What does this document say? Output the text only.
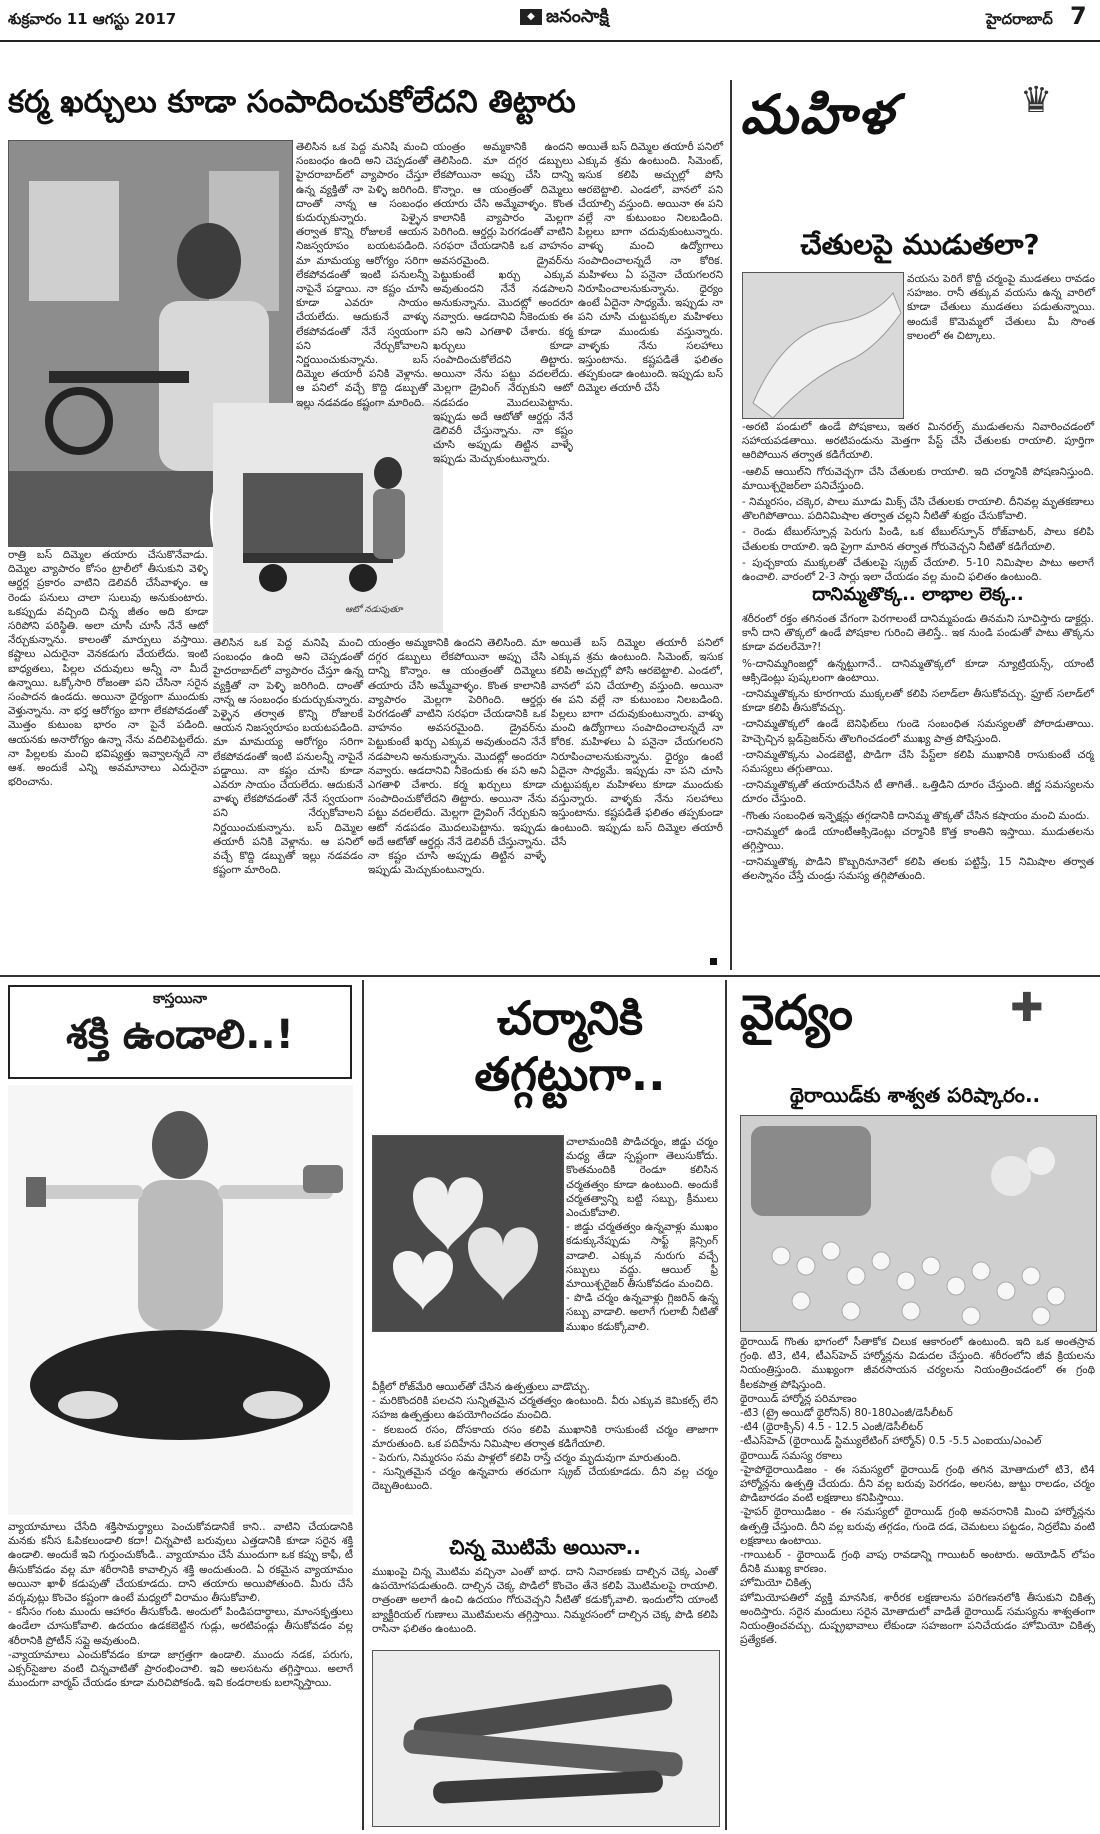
శుక్రవారం 11 ఆగస్టు 2017	◆ జనంసాక్షి	హైదరాబాద్ 7
కర్మ ఖర్చులు కూడా సంపాదించుకోలేదని తిట్టారు
ఆటో నడుపుతూ
తెలిసిన ఒక పెద్ద మనిషి మంచి సంబంధం ఉంది అని చెప్పడంతో హైదరాబాద్‌లో వ్యాపారం చేస్తూ ఉన్న వ్యక్తితో నా పెళ్ళి జరిగింది. దాంతో నాన్న ఆ సంబంధం కుదుర్చుకున్నారు. పెళ్ళైన తర్వాత కొన్ని రోజులకే ఆయన నిజస్వరూపం బయటపడింది. మా మామయ్య ఆరోగ్యం సరిగా లేకపోవడంతో ఇంటి పనులన్నీ నాపైనే పడ్డాయి. నా కష్టం చూసి కూడా ఎవరూ సాయం చేయలేదు. ఆదుకునే వాళ్ళు లేకపోవడంతో నేనే స్వయంగా పని నేర్చుకోవాలని నిర్ణయించుకున్నాను. బస్ దిమ్మెల తయారీ పనికి వెళ్లాను. ఆ పనిలో వచ్చే కొద్ది డబ్బుతో ఇల్లు నడవడం కష్టంగా మారింది.
యంత్రం అమ్మకానికి ఉందని తెలిసింది. మా దగ్గర డబ్బులు లేకపోయినా అప్పు చేసి దాన్ని కొన్నాం. ఆ యంత్రంతో దిమ్మెలు తయారు చేసి అమ్మేవాళ్ళం. కొంత కాలానికి వ్యాపారం మెల్లగా పెరిగింది. ఆర్డర్లు పెరగడంతో వాటిని సరఫరా చేయడానికి ఒక వాహనం అవసరమైంది. డ్రైవర్‌ను పెట్టుకుంటే ఖర్చు ఎక్కువ అవుతుందని నేనే నడపాలని అనుకున్నాను. మొదట్లో అందరూ నవ్వారు. ఆడదానివి నీకెందుకు ఈ పని అని ఎగతాళి చేశారు. కర్మ ఖర్చులు కూడా సంపాదించుకోలేదని తిట్టారు. అయినా నేను పట్టు వదలలేదు. మెల్లగా డ్రైవింగ్ నేర్చుకుని ఆటో నడపడం మొదలుపెట్టాను. ఇప్పుడు అదే ఆటోతో ఆర్డర్లు నేనే డెలివరీ చేస్తున్నాను. నా కష్టం చూసి అప్పుడు తిట్టిన వాళ్ళే ఇప్పుడు మెచ్చుకుంటున్నారు.
అయితే బస్ దిమ్మెల తయారీ పనిలో ఎక్కువ శ్రమ ఉంటుంది. సిమెంట్, ఇసుక కలిపి అచ్చుల్లో పోసి ఆరబెట్టాలి. ఎండలో, వానలో పని చేయాల్సి వస్తుంది. అయినా ఈ పని వల్లే నా కుటుంబం నిలబడింది. పిల్లలు బాగా చదువుకుంటున్నారు. వాళ్ళు మంచి ఉద్యోగాలు సంపాదించాలన్నదే నా కోరిక. మహిళలు ఏ పనైనా చేయగలరని నిరూపించాలనుకున్నాను. ధైర్యం ఉంటే ఏదైనా సాధ్యమే. ఇప్పుడు నా పని చూసి చుట్టుపక్కల మహిళలు కూడా ముందుకు వస్తున్నారు. వాళ్ళకు నేను సలహాలు ఇస్తుంటాను. కష్టపడితే ఫలితం తప్పకుండా ఉంటుంది. ఇప్పుడు బస్ దిమ్మెల తయారీ చేసే
రాత్రి బస్ దిమ్మెల తయారు చేసుకొనేవాడు. దిమ్మెల వ్యాపారం కోసం ట్రాలీలో తీసుకుని వెళ్ళి ఆర్డర్ల ప్రకారం వాటిని డెలివరీ చేసేవాళ్ళం. ఆ రెండు పనులు చాలా సులువు అనుకుంటారు. ఒకప్పుడు వచ్చింది చిన్న జీతం అది కూడా సరిపోని పరిస్థితి. అలా చూసీ చూసీ నేనే ఆటో నేర్చుకున్నాను. కాలంతో మార్పులు వస్తాయి. కష్టాలు ఎదురైనా వెనకడుగు వేయలేదు. ఇంటి బాధ్యతలు, పిల్లల చదువులు అన్నీ నా మీదే ఉన్నాయి. ఒక్కోసారి రోజంతా పని చేసినా సరైన సంపాదన ఉండదు. అయినా ధైర్యంగా ముందుకు వెళ్తున్నాను. నా భర్త ఆరోగ్యం బాగా లేకపోవడంతో మొత్తం కుటుంబ భారం నా పైనే పడింది. ఆయనకు అనారోగ్యం ఉన్నా నేను వదిలిపెట్టలేదు. నా పిల్లలకు మంచి భవిష్యత్తు ఇవ్వాలన్నదే నా ఆశ. అందుకే ఎన్ని అవమానాలు ఎదురైనా భరించాను.
తెలిసిన ఒక పెద్ద మనిషి మంచి సంబంధం ఉంది అని చెప్పడంతో హైదరాబాద్‌లో వ్యాపారం చేస్తూ ఉన్న వ్యక్తితో నా పెళ్ళి జరిగింది. దాంతో నాన్న ఆ సంబంధం కుదుర్చుకున్నారు. పెళ్ళైన తర్వాత కొన్ని రోజులకే ఆయన నిజస్వరూపం బయటపడింది. మా మామయ్య ఆరోగ్యం సరిగా లేకపోవడంతో ఇంటి పనులన్నీ నాపైనే పడ్డాయి. నా కష్టం చూసి కూడా ఎవరూ సాయం చేయలేదు. ఆదుకునే వాళ్ళు లేకపోవడంతో నేనే స్వయంగా పని నేర్చుకోవాలని నిర్ణయించుకున్నాను. బస్ దిమ్మెల తయారీ పనికి వెళ్లాను. ఆ పనిలో వచ్చే కొద్ది డబ్బుతో ఇల్లు నడవడం కష్టంగా మారింది.
యంత్రం అమ్మకానికి ఉందని తెలిసింది. మా దగ్గర డబ్బులు లేకపోయినా అప్పు చేసి దాన్ని కొన్నాం. ఆ యంత్రంతో దిమ్మెలు తయారు చేసి అమ్మేవాళ్ళం. కొంత కాలానికి వ్యాపారం మెల్లగా పెరిగింది. ఆర్డర్లు పెరగడంతో వాటిని సరఫరా చేయడానికి ఒక వాహనం అవసరమైంది. డ్రైవర్‌ను పెట్టుకుంటే ఖర్చు ఎక్కువ అవుతుందని నేనే నడపాలని అనుకున్నాను. మొదట్లో అందరూ నవ్వారు. ఆడదానివి నీకెందుకు ఈ పని అని ఎగతాళి చేశారు. కర్మ ఖర్చులు కూడా సంపాదించుకోలేదని తిట్టారు. అయినా నేను పట్టు వదలలేదు. మెల్లగా డ్రైవింగ్ నేర్చుకుని ఆటో నడపడం మొదలుపెట్టాను. ఇప్పుడు అదే ఆటోతో ఆర్డర్లు నేనే డెలివరీ చేస్తున్నాను. నా కష్టం చూసి అప్పుడు తిట్టిన వాళ్ళే ఇప్పుడు మెచ్చుకుంటున్నారు.
అయితే బస్ దిమ్మెల తయారీ పనిలో ఎక్కువ శ్రమ ఉంటుంది. సిమెంట్, ఇసుక కలిపి అచ్చుల్లో పోసి ఆరబెట్టాలి. ఎండలో, వానలో పని చేయాల్సి వస్తుంది. అయినా ఈ పని వల్లే నా కుటుంబం నిలబడింది. పిల్లలు బాగా చదువుకుంటున్నారు. వాళ్ళు మంచి ఉద్యోగాలు సంపాదించాలన్నదే నా కోరిక. మహిళలు ఏ పనైనా చేయగలరని నిరూపించాలనుకున్నాను. ధైర్యం ఉంటే ఏదైనా సాధ్యమే. ఇప్పుడు నా పని చూసి చుట్టుపక్కల మహిళలు కూడా ముందుకు వస్తున్నారు. వాళ్ళకు నేను సలహాలు ఇస్తుంటాను. కష్టపడితే ఫలితం తప్పకుండా ఉంటుంది. ఇప్పుడు బస్ దిమ్మెల తయారీ చేసే
మహిళ	♛
చేతులపై ముడుతలా?
వయసు పెరిగే కొద్దీ చర్మంపై ముడతలు రావడం సహజం. రానీ తక్కువ వయసు ఉన్న వారిలో కూడా చేతులు ముడతలు పడుతున్నాయి. అందుకే కొమెమ్మలో చేతులు మీ సొంత కాలంలో ఈ చిట్కాలు.

-అరటి పండులో ఉండే పోషకాలు, ఇతర మినరల్స్ ముడుతలను నివారించడంలో సహాయపడతాయి. అరటిపండును మెత్తగా పేస్ట్ చేసి చేతులకు రాయాలి. పూర్తిగా ఆరిపోయిన తర్వాత కడిగేయాలి.

-ఆలివ్ ఆయిల్‌ని గోరువెచ్చగా చేసి చేతులకు రాయాలి. ఇది చర్మానికి పోషణనిస్తుంది. మాయిశ్చరైజర్‌లా పనిచేస్తుంది.

- నిమ్మరసం, చక్కెర, పాలు మూడు మిక్స్ చేసి చేతులకు రాయాలి. దీనివల్ల మృతకణాలు తొలగిపోతాయి. పదినిమిషాల తర్వాత చల్లని నీటితో శుభ్రం చేసుకోవాలి.

- రెండు టేబుల్‌స్పూన్ల పెరుగు పిండి, ఒక టేబుల్‌స్పూన్ రోజ్‌వాటర్, పాలు కలిపి చేతులకు రాయాలి. ఇది ప్రైగా మారిన తర్వాత గోరువెచ్చని నీటితో కడిగేయాలి.

- పుచ్చకాయ ముక్కలతో చేతులపై స్క్రబ్ చేయాలి. 5-10 నిమిషాల పాటు అలాగే ఉంచాలి. వారంలో 2-3 సార్లు ఇలా చేయడం వల్ల మంచి ఫలితం ఉంటుంది.

దానిమ్మతొక్క.. లాభాల లెక్క..

శరీరంలో రక్తం తగినంత వేగంగా పెరగాలంటే దానిమ్మపండు తినమని సూచిస్తారు డాక్టర్లు. కానీ దాని తొక్కలో ఉండే పోషకాల గురించి తెలిస్తే.. ఇక నుండి పండుతో పాటు తొక్కను కూడా వదలరేమో?!

%-దానిమ్మగింజల్లో ఉన్నట్టుగానే.. దానిమ్మతొక్కలో కూడా న్యూట్రియన్స్, యాంటీ ఆక్సిడెంట్లు పుష్కలంగా ఉంటాయి.

-దానిమ్మతొక్కను కూరగాయ ముక్కలతో కలిపి సలాడ్‌లా తీసుకోవచ్చు. ఫ్రూట్ సలాడ్‌లో కూడా కలిపి తీసుకోవచ్చు.

-దానిమ్మతొక్కలో ఉండే బెనిఫిట్‌లు గుండె సంబంధిత సమస్యలతో పోరాడుతాయి. హెచ్చెచ్చిన బ్లడ్‌ప్రెజర్‌ను తొలగించడంలో ముఖ్య పాత్ర పోషిస్తుంది.

-దానిమ్మతొక్కను ఎండబెట్టి, పొడిగా చేసి పేస్ట్‌లా కలిపి ముఖానికి రాసుకుంటే చర్మ సమస్యలు తగ్గుతాయి.

-దానిమ్మతొక్కతో తయారుచేసిన టీ తాగితే.. ఒత్తిడిని దూరం చేస్తుంది. జీర్ణ సమస్యలను దూరం చేస్తుంది.

-గొంతు సంబంధిత ఇన్ఫెక్షన్లు తగ్గడానికి దానిమ్మ తొక్కతో చేసిన కషాయం మంచి మందు.

-దానిమ్మలో ఉండే యాంటీఆక్సిడెంట్లు చర్మానికి కొత్త కాంతిని ఇస్తాయి. ముడుతలను తగ్గిస్తాయి.

-దానిమ్మతొక్క పొడిని కొబ్బరినూనెలో కలిపి తలకు పట్టిస్తే, 15 నిమిషాల తర్వాత తలస్నానం చేస్తే చుండ్రు సమస్య తగ్గిపోతుంది.

కాస్తయినా
శక్తి ఉండాలి..!
వ్యాయామాలు చేసేది శక్తిసామర్థ్యాలు పెంచుకోవడానికే కాని.. వాటిని చేయడానికి మనకు కనీస ఓపికలుండాలి కదా! చిన్నపాటి బరువులు ఎత్తడానికి కూడా సరైన శక్తి ఉండాలి. అందుకే ఇవి గుర్తుంచుకోండి.. వ్యాయామం చేసే ముందుగా ఒక కప్పు కాఫీ, టీ తీసుకోవడం వల్ల మా శరీరానికి కావాల్సిన శక్తి అందుతుంది. ఏ రకమైన వ్యాయామం అయినా ఖాళీ కడుపుతో చేయకూడదు. దాని తయారు అయిపోతుంది. మీరు చేసే వర్కవుట్లు కొంచెం కష్టంగా ఉంటే మధ్యలో విరామం తీసుకోవాలి.
- కనీసం గంట ముందు ఆహారం తీసుకోండి. అందులో పిండిపదార్థాలు, మాంసకృత్తులు ఉండేలా చూసుకోవాలి. ఉదయం ఉడకబెట్టిన గుడ్లు, అరటిపండ్లు తీసుకోవడం వల్ల శరీరానికి ప్రోటీన్ సప్లై అవుతుంది.
-వ్యాయామాలు ఎంచుకోవడం కూడా జాగ్రత్తగా ఉండాలి. ముందు నడక, పరుగు, ఎక్సర్‌సైజుల వంటి చిన్నవాటితో ప్రారంభించాలి. ఇవి అలసటను తగ్గిస్తాయి. అలాగే ముందుగా వార్మప్ చేయడం కూడా మరిచిపోకండి. ఇవి కండరాలకు బలాన్నిస్తాయి.
చర్మానికి
తగ్గట్టుగా..
చాలామందికి పొడిచర్మం, జిడ్డు చర్మం మధ్య తేడా స్పష్టంగా తెలుసుకోదు. కొంతమందికి రెండూ కలిసిన చర్మతత్వం కూడా ఉంటుంది. అందుకే చర్మతత్వాన్ని బట్టి సబ్బు, క్రీములు ఎంచుకోవాలి.
- జిడ్డు చర్మతత్వం ఉన్నవాళ్లు ముఖం కడుక్కునేప్పుడు సాఫ్ట్ క్లెన్సింగ్ వాడాలి. ఎక్కువ నురుగు వచ్చే సబ్బులు వద్దు. ఆయిల్ ఫ్రీ మాయిశ్చరైజర్ తీసుకోవడం మంచిది.
- పొడి చర్మం ఉన్నవాళ్లు గ్లిజరిన్ ఉన్న సబ్బు వాడాలి. అలాగే గులాబీ నీటితో ముఖం కడుక్కోవాలి.
వీక్లీలో రోజ్‌మేరి ఆయిల్‌తో చేసిన ఉత్పత్తులు వాడొచ్చు.
- మరికొందరికి పలచని సున్నితమైన చర్మతత్వం ఉంటుంది. వీరు ఎక్కువ కెమికల్స్ లేని సహజ ఉత్పత్తులు ఉపయోగించడం మంచిది.
- కలబంద రసం, దోసకాయ రసం కలిపి ముఖానికి రాసుకుంటే చర్మం తాజాగా మారుతుంది. ఒక పదిహేను నిమిషాల తర్వాత కడిగేయాలి.
- పెరుగు, నిమ్మరసం సమ పాళ్లలో కలిపి రాస్తే చర్మం మృదువుగా మారుతుంది.
- సున్నితమైన చర్మం ఉన్నవారు తరచుగా స్క్రబ్ చేయకూడదు. దీని వల్ల చర్మం దెబ్బతింటుంది.
చిన్న మొటిమే అయినా..
ముఖంపై చిన్న మొటిమ వచ్చినా ఎంతో బాధ. దాని నివారణకు దాల్చిన చెక్క ఎంతో ఉపయోగపడుతుంది. దాల్చిన చెక్క పొడిలో కొంచెం తేనె కలిపి మొటిమలపై రాయాలి. రాత్రంతా అలాగే ఉంచి ఉదయం గోరువెచ్చని నీటితో కడుక్కోవాలి. ఇందులోని యాంటీ బ్యాక్టీరియల్ గుణాలు మొటిమలను తగ్గిస్తాయి. నిమ్మరసంలో దాల్చిన చెక్క పొడి కలిపి రాసినా ఫలితం ఉంటుంది.
వైద్యం	✚
థైరాయిడ్‌కు శాశ్వత పరిష్కారం..
థైరాయిడ్ గొంతు భాగంలో సీతాకోక చిలుక ఆకారంలో ఉంటుంది. ఇది ఒక అంతస్రావ గ్రంథి. టి3, టి4, టీఎస్‌హెచ్ హార్మోన్లను విడుదల చేస్తుంది. శరీరంలోని జీవ క్రియలను నియంత్రిస్తుంది. ముఖ్యంగా జీవరసాయన చర్యలను నియంత్రించడంలో ఈ గ్రంథి కీలకపాత్ర పోషిస్తుంది.
థైరాయిడ్ హార్మోన్ల పరిమాణం
-టి3 (ట్రై అయిడో థైరోనిన్) 80-180ఎంజీ/డెసీలీటర్
-టి4 (థైరాక్సిన్) 4.5 - 12.5 ఎంజీ/డెసీలీటర్
-టీఎస్‌హెచ్ (థైరాయిడ్ స్టిమ్యులేటింగ్ హార్మోన్) 0.5 -5.5 ఎంఐయు/ఎంఎల్
థైరాయిడ్ సమస్య రకాలు
-హైపోథైరాయిడిజం - ఈ సమస్యలో థైరాయిడ్ గ్రంథి తగిన మోతాదులో టి3, టి4 హార్మోన్లను ఉత్పత్తి చేయదు. దీని వల్ల బరువు పెరగడం, అలసట, జుట్టు రాలడం, చర్మం పొడిబారడం వంటి లక్షణాలు కనిపిస్తాయి.
-హైపర్ థైరాయిడిజం - ఈ సమస్యలో థైరాయిడ్ గ్రంథి అవసరానికి మించి హార్మోన్లను ఉత్పత్తి చేస్తుంది. దీని వల్ల బరువు తగ్గడం, గుండె దడ, చెమటలు పట్టడం, నిద్రలేమి వంటి లక్షణాలు ఉంటాయి.
-గాయిటర్ - థైరాయిడ్ గ్రంథి వాపు రావడాన్ని గాయిటర్ అంటారు. అయోడిన్ లోపం దీనికి ముఖ్య కారణం.
హోమియో చికిత్స
హోమియోపతిలో వ్యక్తి మానసిక, శారీరక లక్షణాలను పరిగణనలోకి తీసుకుని చికిత్స అందిస్తారు. సరైన మందులు సరైన మోతాదులో వాడితే థైరాయిడ్ సమస్యను శాశ్వతంగా నియంత్రించవచ్చు. దుష్ప్రభావాలు లేకుండా సహజంగా పనిచేయడం హోమియో చికిత్స ప్రత్యేకత.
